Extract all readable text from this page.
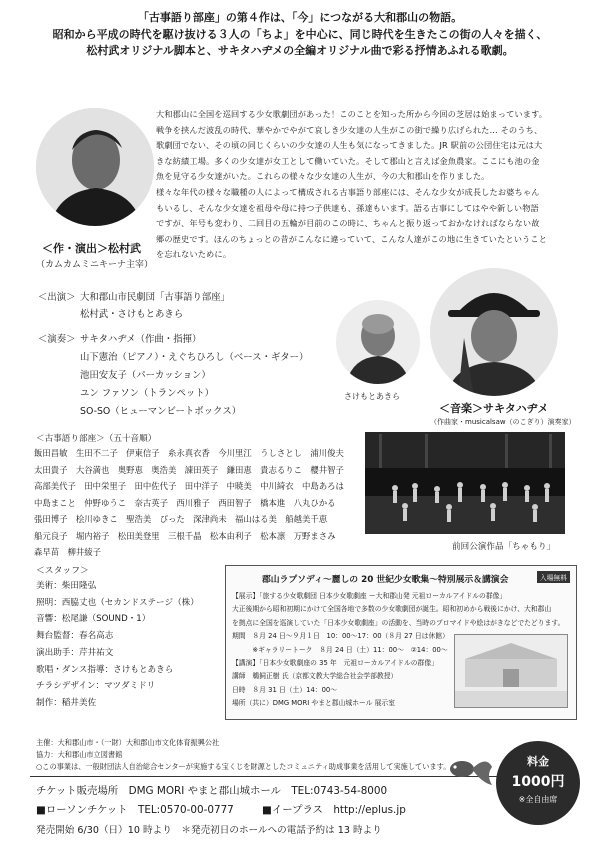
「古事語り部座」の第４作は、「今」につながる大和郡山の物語。
昭和から平成の時代を駆け抜ける３人の「ちよ」を中心に、同じ時代を生きたこの街の人々を描く、
松村武オリジナル脚本と、サキタハヂメの全編オリジナル曲で彩る抒情あふれる歌劇。
＜作・演出＞松村武
（カムカムミニキーナ主宰）
大和郡山に全国を巡回する少女歌劇団があった！このことを知った所から今回の芝居は始まっています。
戦争を挟んだ波乱の時代、華やかでやがて哀しき少女達の人生がこの街で繰り広げられた… そのうち、
歌劇団でない、その頃の同じくらいの少女達の人生も気になってきました。JR 駅前の公団住宅は元は大
きな紡績工場。多くの少女達が女工として働いていた。そして郡山と言えば金魚農家。ここにも池の金
魚を見守る少女達がいた。これらの様々な少女達の人生が、今の大和郡山を作りました。
様々な年代の様々な職種の人によって構成される古事語り部座には、そんな少女が成長したお婆ちゃん
もいるし、そんな少女達を祖母や母に持つ子供達も、孫達もいます。語る古事にしてはやや新しい物語
ですが、年号も変わり、二回目の五輪が目前のこの時に、ちゃんと振り返っておかなければならない故
郷の歴史です。ほんのちょっとの昔がこんなに違っていて、こんな人達がこの地に生きていたということ
を忘れないために。
＜出演＞ 大和郡山市民劇団「古事語り部座」
松村武・さけもとあきら
＜演奏＞ サキタハヂメ（作曲・指揮）
山下憲治（ピアノ）・えぐちひろし（ベース・ギター）
池田安友子（パーカッション）
ユン ファソン（トランペット）
SO-SO（ヒューマンビートボックス）
さけもとあきら
＜音楽＞サキタハヂメ
（作曲家・musicalsaw（のこぎり）演奏家）
＜古事語り部座＞（五十音順）
飯田昌敏　生田不二子　伊東信子　糸永真衣香　今川里江　うしさとし　浦川俊夫
太田貴子　大谷満也　奥野恵　奥浩美　諌田英子　鎌田恵　貴志るりこ　櫻井智子
高部美代子　田中栄里子　田中佐代子　田中洋子　中暁美　中川綺衣　中島あろは
中島まこと　仲野ゆうこ　奈古英子　西川雅子　西田智子　橋本進　八丸ひかる
張田博子　桧川ゆきこ　聖浩美　ぴった　深津尚未　福山はる美　船越美千恵
船元良子　堀内裕子　松田美登里　三根千晶　松本由利子　松本凛　万野まさみ
森早苗　柳井綾子	前回公演作品「ちゃもり」
＜スタッフ＞
美術：柴田隆弘
照明：西脇丈也（セカンドステージ（株）
音響：松尾謙（SOUND・1）
舞台監督：春名高志
演出助手：芹井祐文
歌唱・ダンス指導：さけもとあきら
チラシデザイン：マツダミドリ
制作：稲井美佐
郡山ラプソディ～麗しの 20 世紀少女歌集～特別展示＆講演会	入場無料
【展示】「旅する少女歌劇団 日本少女歌劇座 ー大和郡山発 元祖ローカルアイドルの群像」
大正後期から昭和初期にかけて全国各地で多数の少女歌劇団が誕生。昭和初めから戦後にかけ、大和郡山
を拠点に全国を巡演していた「日本少女歌劇座」の活動を、当時のブロマイドや絵はがきなどでたどります。
期間　８月 24 日～９月１日　10：00～17：00（８月 27 日は休館）
　　　※ギャラリートーク　８月 24 日（土）11：00～　②14：00～
【講演】「日本少女歌劇座の 35 年　元祖ローカルアイドルの群像」
講師　鵜飼正樹 氏（京都文教大学総合社会学部教授）
日時　８月 31 日（土）14：00～
場所（共に）DMG MORI やまと郡山城ホール 展示室
主催：大和郡山市・（一財）大和郡山市文化体育振興公社
協力：大和郡山市立図書館
○この事業は、一般財団法人自治総合センターが実施する宝くじを財源としたコミュニティ助成事業を活用して実施しています。
チケット販売場所　DMG MORI やまと郡山城ホール　TEL:0743-54-8000
■ローソンチケット　TEL:0570-00-0777	■イープラス　http://eplus.jp
発売開始 6/30（日）10 時より　＊発売初日のホールへの電話予約は 13 時より
料金
1000円
※全自由席
